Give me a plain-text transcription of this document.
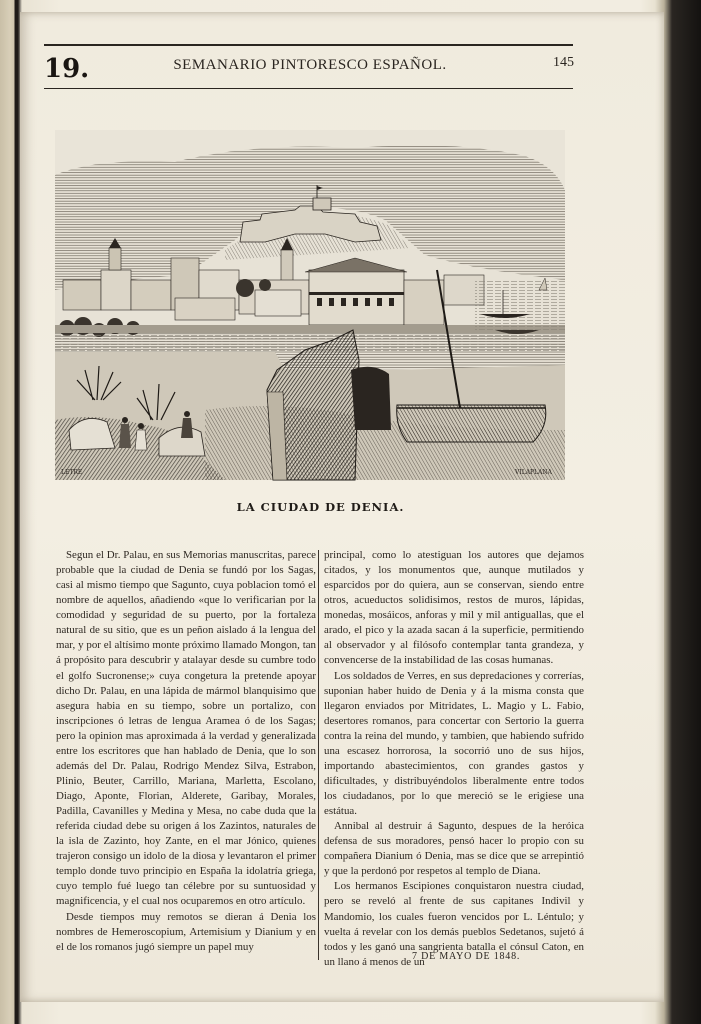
19.	SEMANARIO PINTORESCO ESPAÑOL.	145
LETRE	VILAPLANA
LA CIUDAD DE DENIA.

Segun el Dr. Palau, en sus Memorias manuscritas, parece probable que la ciudad de Denia se fundó por los Sagas, casi al mismo tiempo que Sagunto, cuya poblacion tomó el nombre de aquellos, añadiendo «que lo verificarian por la comodidad y seguridad de su puerto, por la fortaleza natural de su sitio, que es un peñon aislado á la lengua del mar, y por el altísimo monte próximo llamado Mongon, tan á propósito para descubrir y atalayar desde su cumbre todo el golfo Sucronense;» cuya congetura la pretende apoyar dicho Dr. Palau, en una lápida de mármol blanquisimo que asegura habia en su tiempo, sobre un portalizo, con inscripciones ó letras de lengua Aramea ó de los Sagas; pero la opinion mas aproximada á la verdad y generalizada entre los escritores que han hablado de Denia, que lo son además del Dr. Palau, Rodrigo Mendez Silva, Estrabon, Plinio, Beuter, Carrillo, Mariana, Marletta, Escolano, Diago, Aponte, Florian, Alderete, Garibay, Morales, Padilla, Cavanilles y Medina y Mesa, no cabe duda que la referida ciudad debe su origen á los Zazintos, naturales de la isla de Zazinto, hoy Zante, en el mar Jónico, quienes trajeron consigo un idolo de la diosa y levantaron el primer templo donde tuvo principio en España la idolatría griega, cuyo templo fué luego tan célebre por su suntuosidad y magnificencia, y el cual nos ocuparemos en otro artículo.

Desde tiempos muy remotos se dieran á Denia los nombres de Hemeroscopium, Artemisium y Dianium y en el de los romanos jugó siempre un papel muy

principal, como lo atestiguan los autores que dejamos citados, y los monumentos que, aunque mutilados y esparcidos por do quiera, aun se conservan, siendo entre otros, acueductos solidisimos, restos de muros, lápidas, monedas, mosáicos, anforas y mil y mil antiguallas, que el arado, el pico y la azada sacan á la superficie, permitiendo al observador y al filósofo contemplar tanta grandeza, y convencerse de la instabilidad de las cosas humanas.

Los soldados de Verres, en sus depredaciones y correrías, suponian haber huido de Denia y á la misma consta que llegaron enviados por Mitridates, L. Magio y L. Fabio, desertores romanos, para concertar con Sertorio la guerra contra la reina del mundo, y tambien, que habiendo sufrido una escasez horrorosa, la socorrió uno de sus hijos, importando abastecimientos, con grandes gastos y dificultades, y distribuyéndolos liberalmente entre todos los ciudadanos, por lo que mereció se le erigiese una estátua.

Annibal al destruir á Sagunto, despues de la heróica defensa de sus moradores, pensó hacer lo propio con su compañera Dianium ó Denia, mas se dice que se arrepintió y que la perdonó por respetos al templo de Diana.

Los hermanos Escipiones conquistaron nuestra ciudad, pero se reveló al frente de sus capitanes Indivil y Mandomio, los cuales fueron vencidos por L. Léntulo; y vuelta á revelar con los demás pueblos Sedetanos, sujetó á todos y les ganó una sangrienta batalla el cónsul Caton, en un llano á menos de un

7 DE MAYO DE 1848.
